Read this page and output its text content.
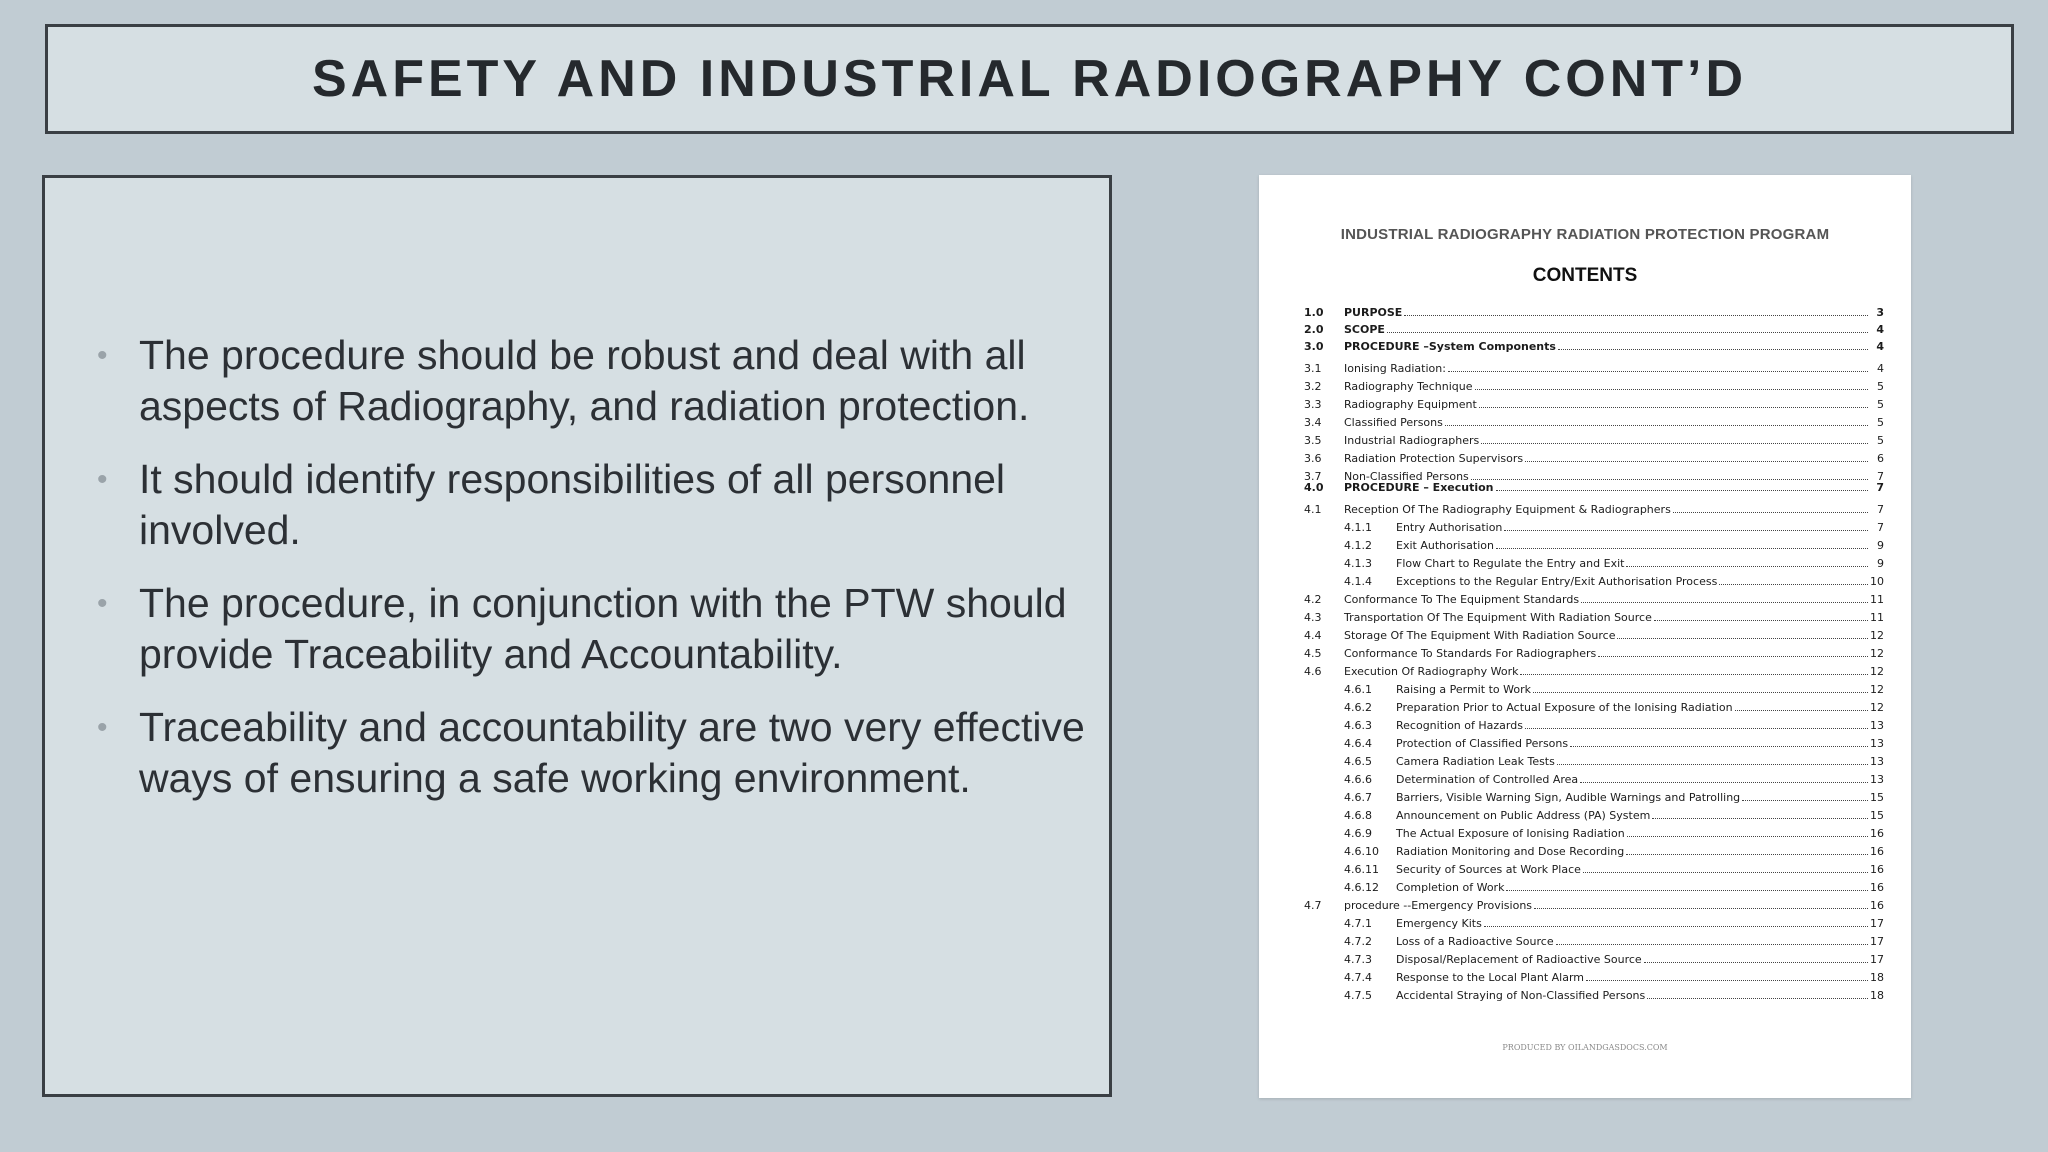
SAFETY AND INDUSTRIAL RADIOGRAPHY CONT’D
• The procedure should be robust and deal with all aspects of Radiography, and radiation protection.
• It should identify responsibilities of all personnel involved.
• The procedure, in conjunction with the PTW should provide Traceability and Accountability.
• Traceability and accountability are two very effective ways of ensuring a safe working environment.
INDUSTRIAL RADIOGRAPHY RADIATION PROTECTION PROGRAM
CONTENTS
1.0	PURPOSE	3
2.0	SCOPE	4
3.0	PROCEDURE –System Components	4
3.1	Ionising Radiation:	4
3.2	Radiography Technique	5
3.3	Radiography Equipment	5
3.4	Classified Persons	5
3.5	Industrial Radiographers	5
3.6	Radiation Protection Supervisors	6
3.7	Non-Classified Persons	7
4.0	PROCEDURE – Execution	7
4.1	Reception Of The Radiography Equipment & Radiographers	7
4.1.1	Entry Authorisation	7
4.1.2	Exit Authorisation	9
4.1.3	Flow Chart to Regulate the Entry and Exit	9
4.1.4	Exceptions to the Regular Entry/Exit Authorisation Process	10
4.2	Conformance To The Equipment Standards	11
4.3	Transportation Of The Equipment With Radiation Source	11
4.4	Storage Of The Equipment With Radiation Source	12
4.5	Conformance To Standards For Radiographers	12
4.6	Execution Of Radiography Work	12
4.6.1	Raising a Permit to Work	12
4.6.2	Preparation Prior to Actual Exposure of the Ionising Radiation	12
4.6.3	Recognition of Hazards	13
4.6.4	Protection of Classified Persons	13
4.6.5	Camera Radiation Leak Tests	13
4.6.6	Determination of Controlled Area	13
4.6.7	Barriers, Visible Warning Sign, Audible Warnings and Patrolling	15
4.6.8	Announcement on Public Address (PA) System	15
4.6.9	The Actual Exposure of Ionising Radiation	16
4.6.10	Radiation Monitoring and Dose Recording	16
4.6.11	Security of Sources at Work Place	16
4.6.12	Completion of Work	16
4.7	procedure --Emergency Provisions	16
4.7.1	Emergency Kits	17
4.7.2	Loss of a Radioactive Source	17
4.7.3	Disposal/Replacement of Radioactive Source	17
4.7.4	Response to the Local Plant Alarm	18
4.7.5	Accidental Straying of Non-Classified Persons	18
PRODUCED BY OILANDGASDOCS.COM
